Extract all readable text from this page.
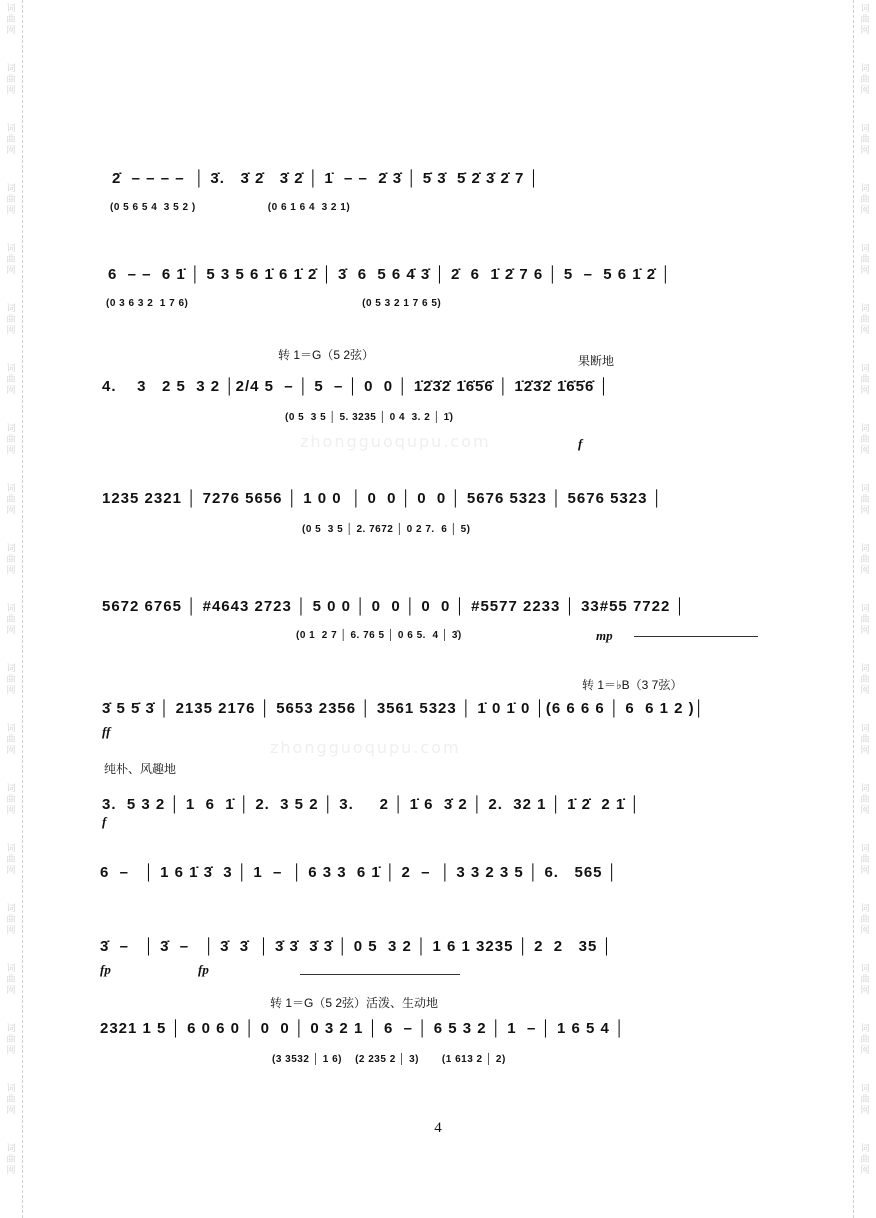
词
曲
网
词
曲
网
词
曲
网
词
曲
网
词
曲
网
词
曲
网
词
曲
网
词
曲
网
词
曲
网
词
曲
网
词
曲
网
词
曲
网
词
曲
网
词
曲
网
词
曲
网
词
曲
网
词
曲
网
词
曲
网
词
曲
网
词
曲
网
词
曲
网
词
曲
网
词
曲
网
词
曲
网
词
曲
网
词
曲
网
词
曲
网
词
曲
网
词
曲
网
词
曲
网
词
曲
网
词
曲
网
词
曲
网
词
曲
网
词
曲
网
词
曲
网
词
曲
网
词
曲
网
词
曲
网
词
曲
网
zhongguoqupu.com
zhongguoqupu.com
2̇  – – – –  │ 3̇.   3̇ 2̇   3̇ 2̇ │ 1̇  – –  2̇ 3̇ │ 5̇ 3̇  5̇ 2̇ 3̇ 2̇ 7 │
(0 5 6 5 4  3 5 2 )                      (0 6 1 6 4  3 2 1)
6  – –  6 1̇ │ 5 3 5 6 1̇ 6 1̇ 2̇ │ 3̇  6  5 6 4̇ 3̇ │ 2̇  6  1̇ 2̇ 7 6 │ 5  –  5 6 1̇ 2̇ │
(0 3 6 3 2  1 7 6)                                                     (0 5 3 2 1 7 6 5)
转 1＝G（5 2弦）	果断地
4.    3   2 5  3 2 │2/4 5  – │ 5  – │ 0  0 │ 1̇2̇3̇2̇ 1̇6̇5̇6̇ │ 1̇2̇3̇2̇ 1̇6̇5̇6̇ │
(0 5  3 5 │ 5. 3235 │ 0 4  3. 2 │ 1̇)
f
1235 2321 │ 7276 5656 │ 1 0 0  │ 0  0 │ 0  0 │ 5676 5323 │ 5676 5323 │
(0 5  3 5 │ 2. 7672 │ 0 2 7.  6 │ 5)
5672 6765 │ #4643 2723 │ 5 0 0 │ 0  0 │ 0  0 │ #5577 2233 │ 33#55 7722 │
(0 1  2 7 │ 6. 76 5 │ 0 6 5.  4 │ 3̇)	mp
转 1＝♭B（3 7弦）
3̇ 5 5̇ 3̇ │ 2135 2176 │ 5653 2356 │ 3561 5323 │ 1̇ 0 1̇ 0 │(6 6 6 6 │ 6  6 1 2 )│
ff
纯朴、风趣地
3.  5 3 2 │ 1  6  1̇ │ 2.  3 5 2 │ 3.     2 │ 1̇ 6  3̇ 2 │ 2.  32 1 │ 1̇ 2̇  2 1̇ │
f
6  –   │ 1 6 1̇ 3̇  3 │ 1  –  │ 6 3 3  6 1̇ │ 2  –  │ 3 3 2 3 5 │ 6.   565 │
3̇  –   │ 3̇  –   │ 3̇  3̇  │ 3̇ 3̇  3̇ 3̇ │ 0 5  3 2 │ 1 6 1 3235 │ 2  2   35 │
fp	fp
转 1＝G（5 2弦）活泼、生动地
2321 1 5 │ 6 0 6 0 │ 0  0 │ 0 3 2 1 │ 6  – │ 6 5 3 2 │ 1  – │ 1 6 5 4 │
(3 3532 │ 1 6)    (2 235 2 │ 3)       (1 613 2 │ 2)
4
